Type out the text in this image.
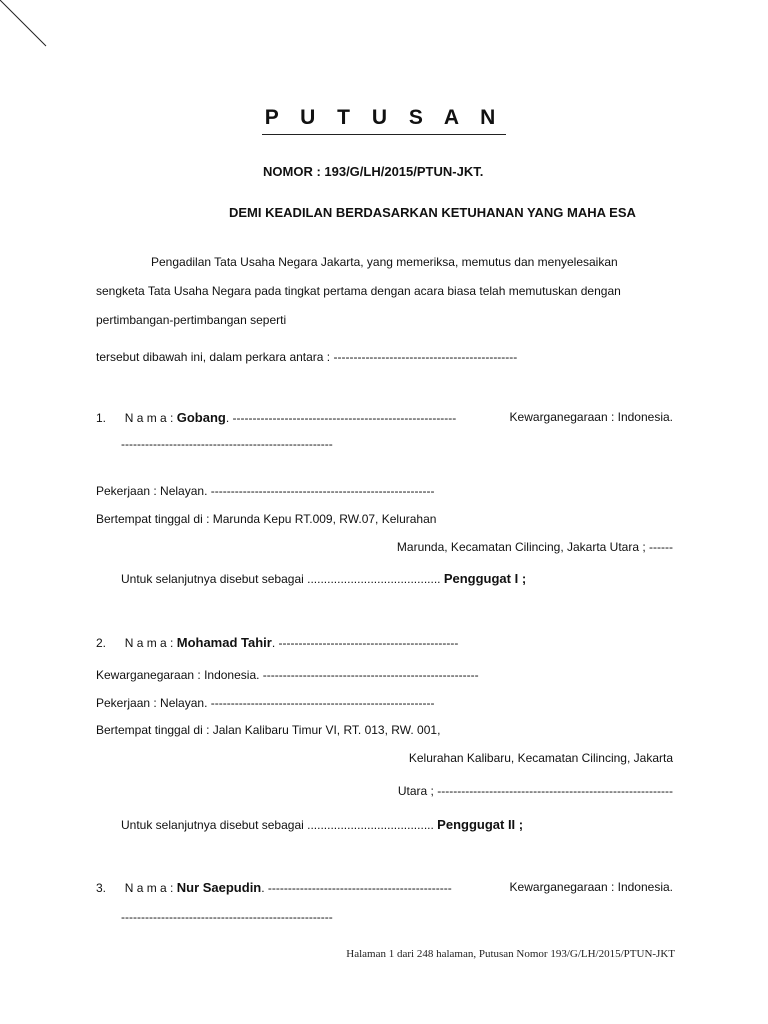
P U T U S A N
NOMOR : 193/G/LH/2015/PTUN-JKT.
DEMI KEADILAN BERDASARKAN KETUHANAN YANG MAHA ESA
Pengadilan Tata Usaha Negara Jakarta, yang memeriksa, memutus dan menyelesaikan
sengketa Tata Usaha Negara pada tingkat pertama dengan acara biasa telah memutuskan dengan
pertimbangan-pertimbangan seperti
tersebut dibawah ini, dalam perkara antara : ----------------------------------------------
1. N a m a : Gobang. --------------------------------------------------------	Kewarganegaraan : Indonesia.
-----------------------------------------------------
Pekerjaan : Nelayan. --------------------------------------------------------
Bertempat tinggal di : Marunda Kepu RT.009, RW.07, Kelurahan
Marunda, Kecamatan Cilincing, Jakarta Utara ; ------
Untuk selanjutnya disebut sebagai ........................................ Penggugat I ;
2. N a m a : Mohamad Tahir. ---------------------------------------------
Kewarganegaraan : Indonesia. ------------------------------------------------------
Pekerjaan : Nelayan. --------------------------------------------------------
Bertempat tinggal di : Jalan Kalibaru Timur VI, RT. 013, RW. 001,
Kelurahan Kalibaru, Kecamatan Cilincing, Jakarta
Utara ; -----------------------------------------------------------
Untuk selanjutnya disebut sebagai ...................................... Penggugat II ;
3. N a m a : Nur Saepudin. ----------------------------------------------	Kewarganegaraan : Indonesia.
-----------------------------------------------------
Halaman 1 dari 248 halaman, Putusan Nomor 193/G/LH/2015/PTUN-JKT
